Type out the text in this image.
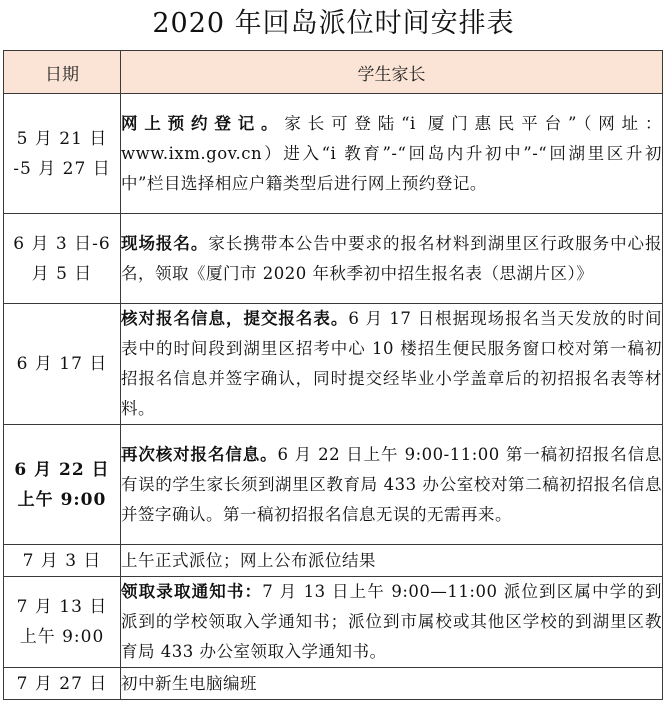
2020 年回岛派位时间安排表
日期	学生家长

5 月 21 日
-5 月 27 日	网上预约登记。家长可登陆“i 厦门惠民平台”（网址：www.ixm.gov.cn）进入“i 教育”-“回岛内升初中”-“回湖里区升初中”栏目选择相应户籍类型后进行网上预约登记。

6 月 3 日-6
月 5 日	现场报名。家长携带本公告中要求的报名材料到湖里区行政服务中心报名，领取《厦门市 2020 年秋季初中招生报名表（思湖片区）》

6 月 17 日	核对报名信息，提交报名表。6 月 17 日根据现场报名当天发放的时间表中的时间段到湖里区招考中心 10 楼招生便民服务窗口校对第一稿初招报名信息并签字确认，同时提交经毕业小学盖章后的初招报名表等材料。

6 月 22 日
上午 9:00	再次核对报名信息。6 月 22 日上午 9:00-11:00 第一稿初招报名信息有误的学生家长须到湖里区教育局 433 办公室校对第二稿初招报名信息并签字确认。第一稿初招报名信息无误的无需再来。

7 月 3 日	上午正式派位；网上公布派位结果

7 月 13 日
上午 9:00	领取录取通知书：7 月 13 日上午 9:00—11:00 派位到区属中学的到派到的学校领取入学通知书；派位到市属校或其他区学校的到湖里区教育局 433 办公室领取入学通知书。

7 月 27 日	初中新生电脑编班
